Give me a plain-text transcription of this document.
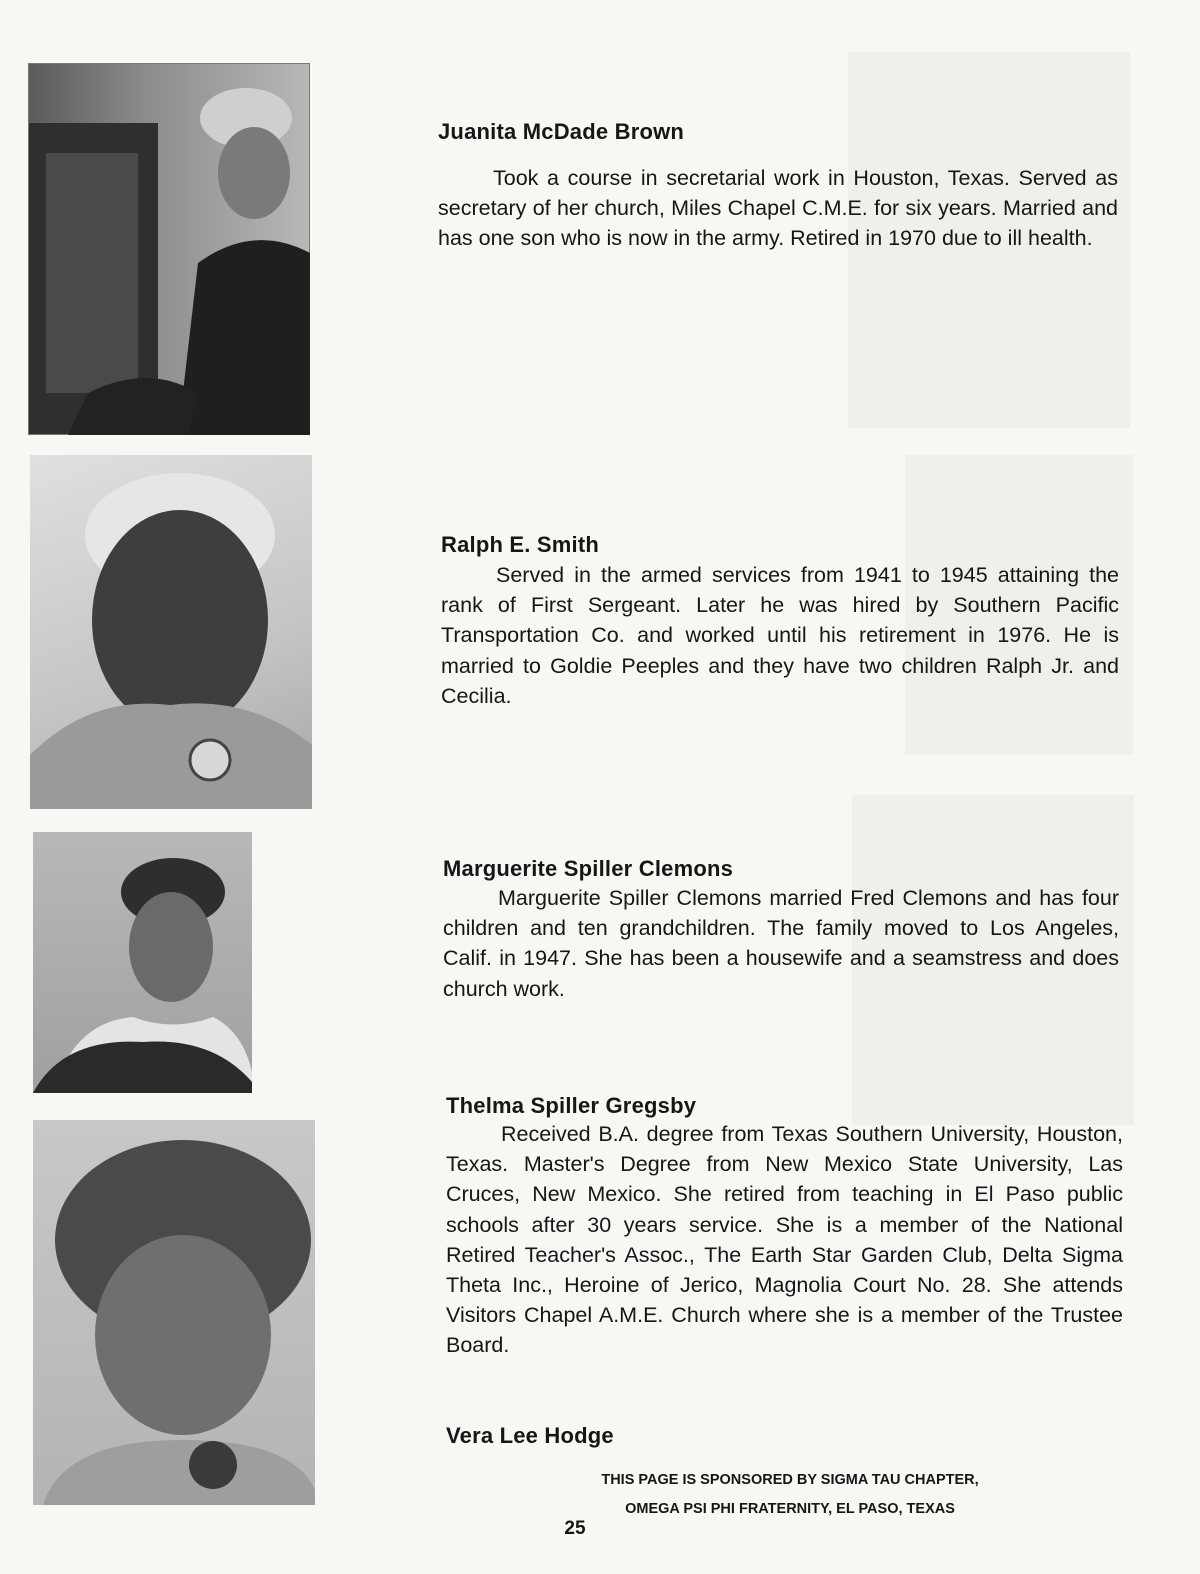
Juanita McDade Brown

Took a course in secretarial work in Houston, Texas. Served as secretary of her church, Miles Chapel C.M.E. for six years. Married and has one son who is now in the army. Retired in 1970 due to ill health.

Ralph E. Smith

Served in the armed services from 1941 to 1945 attaining the rank of First Sergeant. Later he was hired by Southern Pacific Transportation Co. and worked until his retirement in 1976. He is married to Goldie Peeples and they have two children Ralph Jr. and Cecilia.

Marguerite Spiller Clemons

Marguerite Spiller Clemons married Fred Clemons and has four children and ten grandchildren. The family moved to Los Angeles, Calif. in 1947. She has been a housewife and a seamstress and does church work.

Thelma Spiller Gregsby

Received B.A. degree from Texas Southern University, Houston, Texas. Master's Degree from New Mexico State University, Las Cruces, New Mexico. She retired from teaching in El Paso public schools after 30 years service. She is a member of the National Retired Teacher's Assoc., The Earth Star Garden Club, Delta Sigma Theta Inc., Heroine of Jerico, Magnolia Court No. 28. She attends Visitors Chapel A.M.E. Church where she is a member of the Trustee Board.

Vera Lee Hodge

THIS PAGE IS SPONSORED BY SIGMA TAU CHAPTER,
OMEGA PSI PHI FRATERNITY, EL PASO, TEXAS
25
